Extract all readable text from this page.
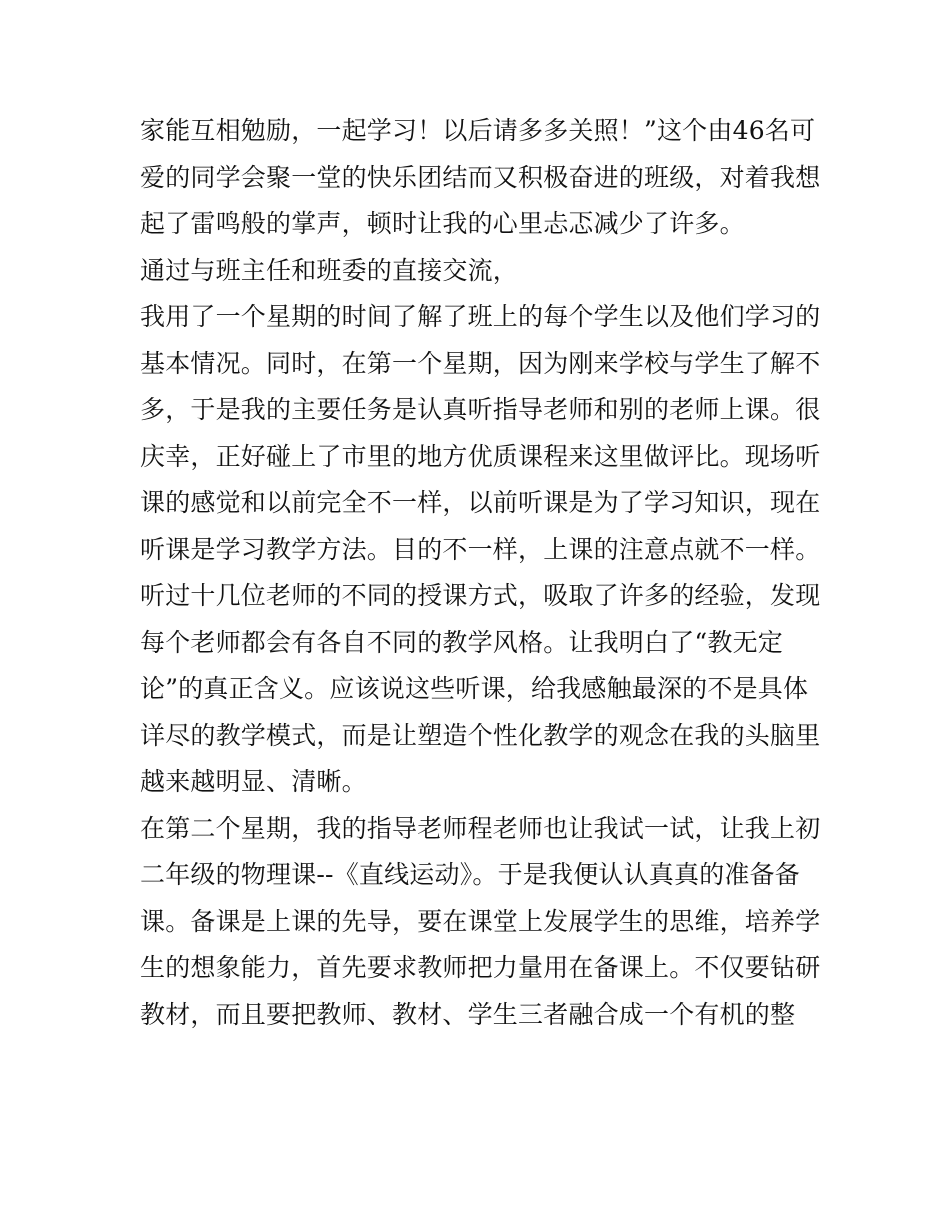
家能互相勉励，一起学习！以后请多多关照！”这个由46名可
爱的同学会聚一堂的快乐团结而又积极奋进的班级，对着我想
起了雷鸣般的掌声，顿时让我的心里忐忑减少了许多。
通过与班主任和班委的直接交流，
我用了一个星期的时间了解了班上的每个学生以及他们学习的
基本情况。同时，在第一个星期，因为刚来学校与学生了解不
多，于是我的主要任务是认真听指导老师和别的老师上课。很
庆幸，正好碰上了市里的地方优质课程来这里做评比。现场听
课的感觉和以前完全不一样，以前听课是为了学习知识，现在
听课是学习教学方法。目的不一样，上课的注意点就不一样。
听过十几位老师的不同的授课方式，吸取了许多的经验，发现
每个老师都会有各自不同的教学风格。让我明白了“教无定
论”的真正含义。应该说这些听课，给我感触最深的不是具体
详尽的教学模式，而是让塑造个性化教学的观念在我的头脑里
越来越明显、清晰。
在第二个星期，我的指导老师程老师也让我试一试，让我上初
二年级的物理课--《直线运动》。于是我便认认真真的准备备
课。备课是上课的先导，要在课堂上发展学生的思维，培养学
生的想象能力，首先要求教师把力量用在备课上。不仅要钻研
教材，而且要把教师、教材、学生三者融合成一个有机的整
